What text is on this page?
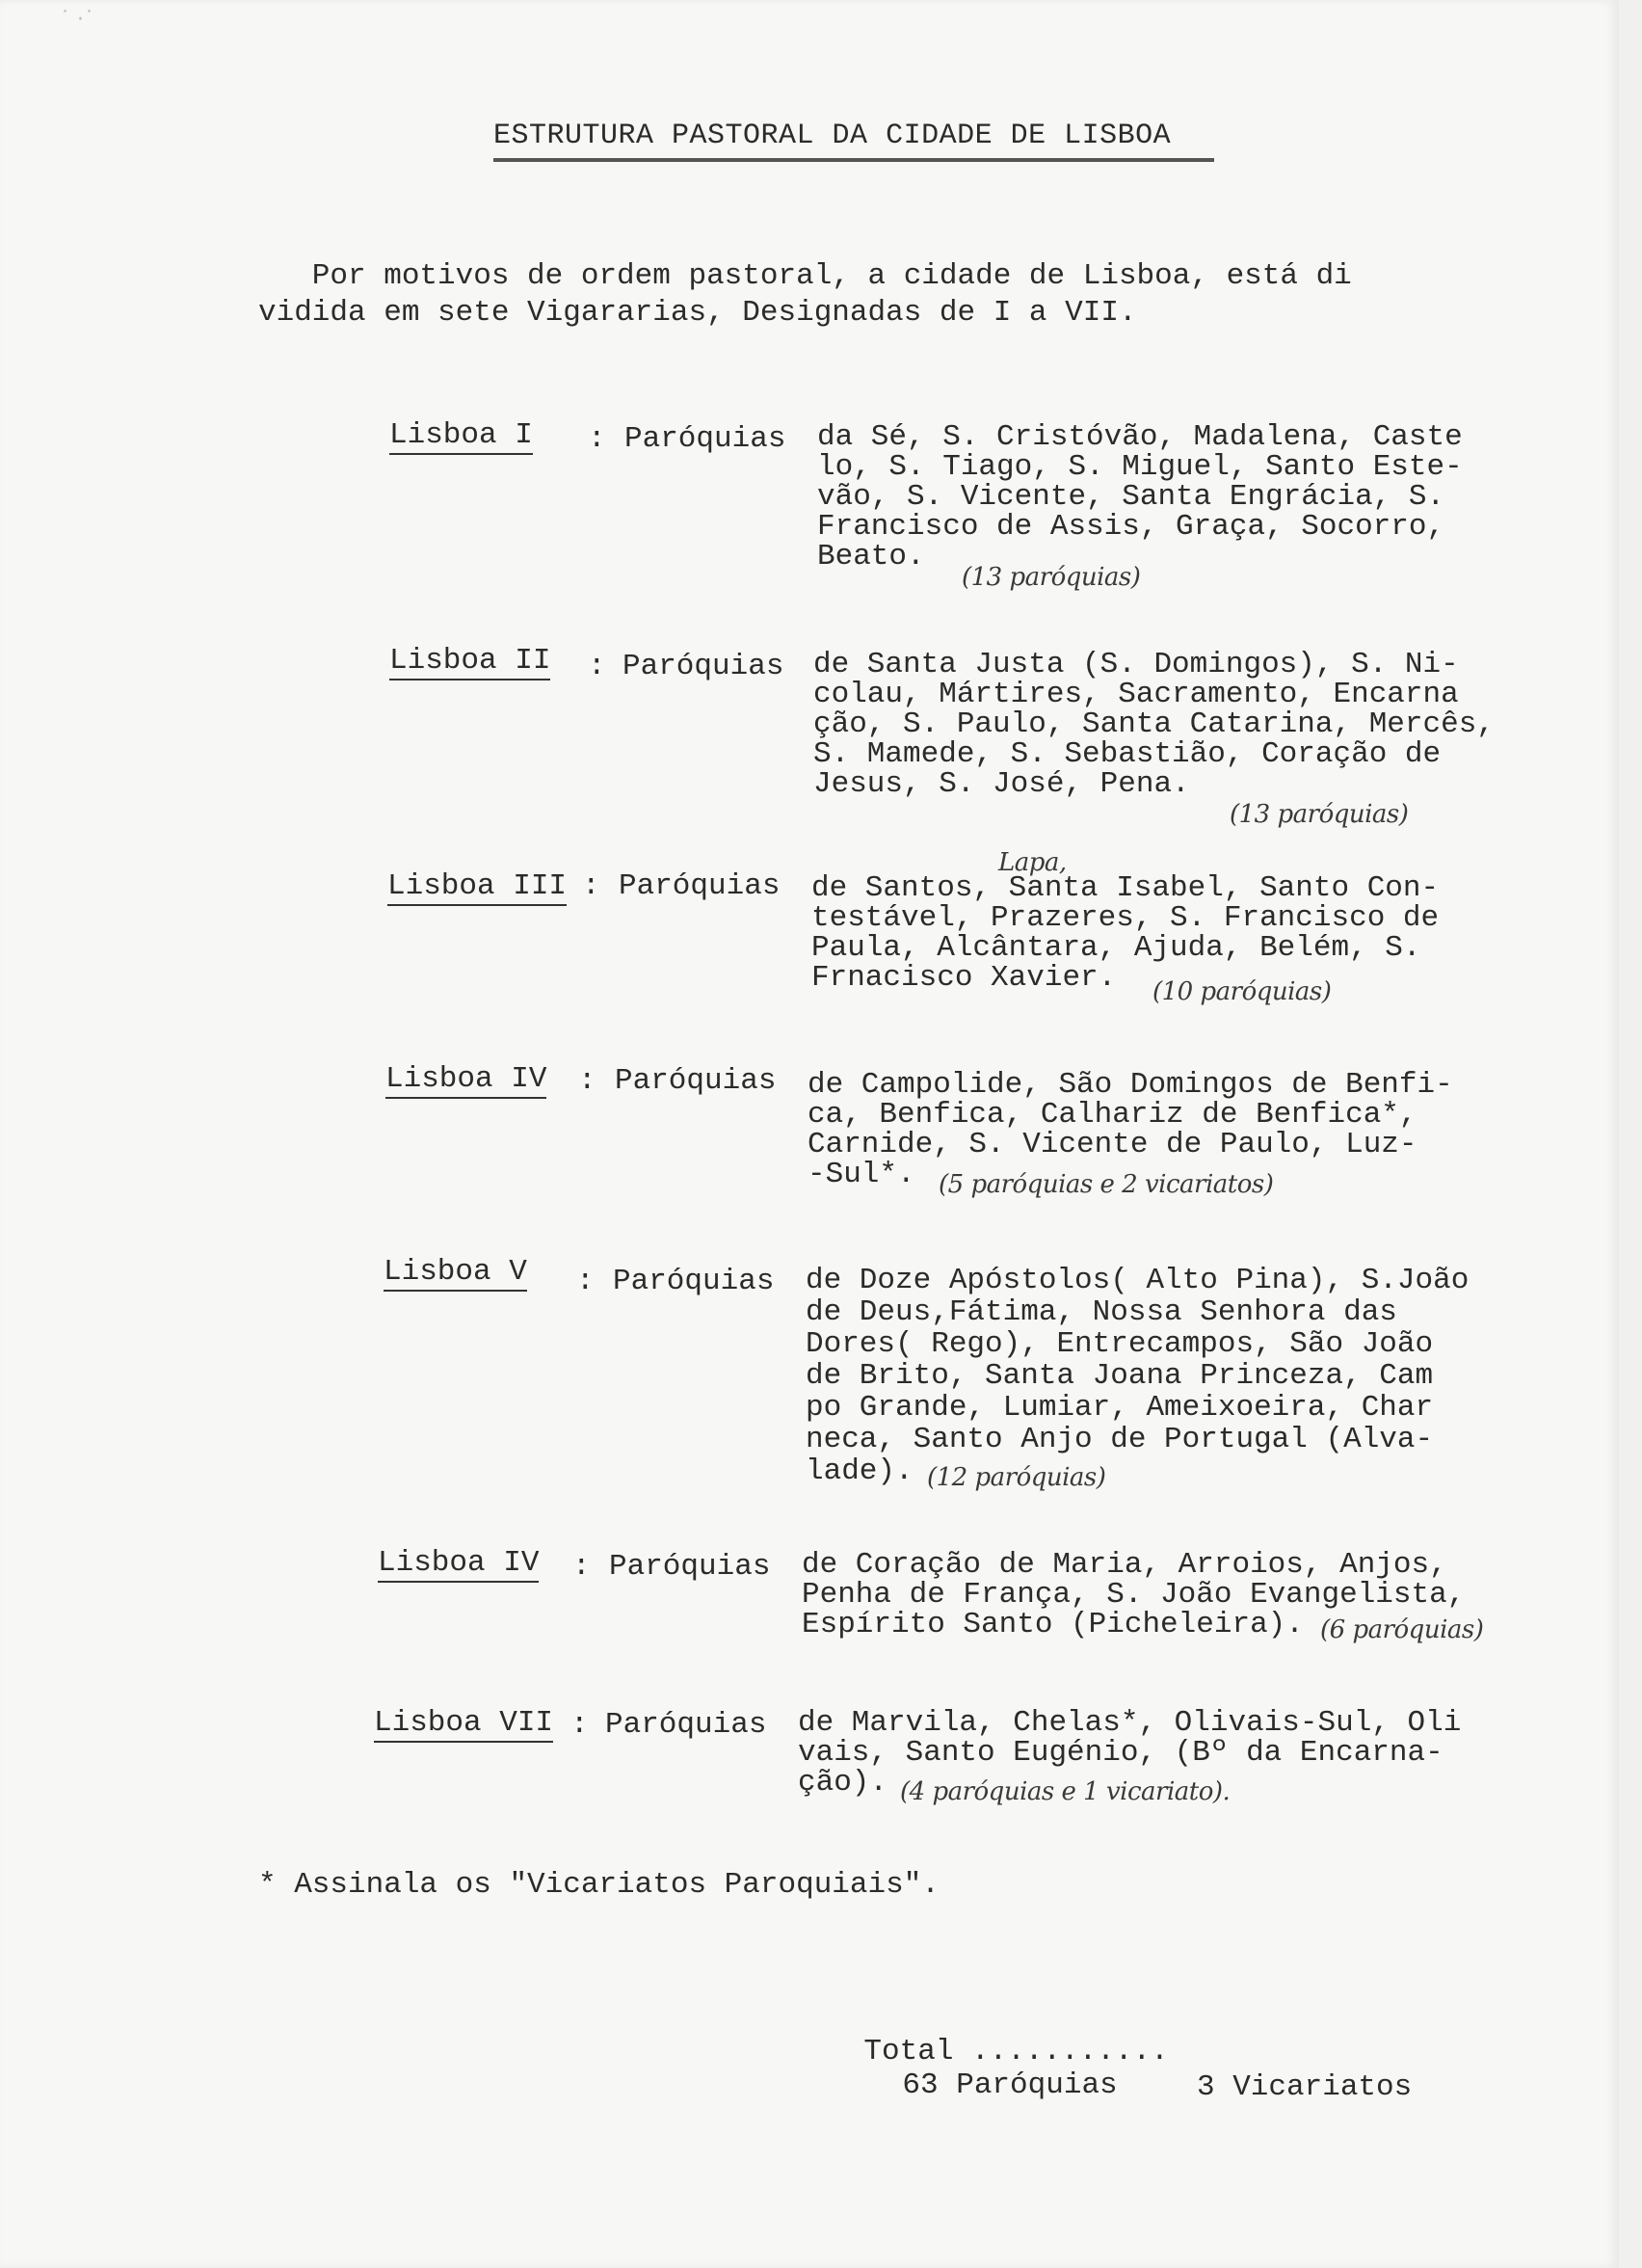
˙ ·˙
ESTRUTURA PASTORAL DA CIDADE DE LISBOA
Por motivos de ordem pastoral, a cidade de Lisboa, está di
vidida em sete Vigararias, Designadas de I a VII.
Lisboa I : Paróquias da Sé, S. Cristóvão, Madalena, Caste
lo, S. Tiago, S. Miguel, Santo Este-
vão, S. Vicente, Santa Engrácia, S.
Francisco de Assis, Graça, Socorro,
Beato.
(13 paróquias)
Lisboa II : Paróquias de Santa Justa (S. Domingos), S. Ni-
colau, Mártires, Sacramento, Encarna
ção, S. Paulo, Santa Catarina, Mercês,
S. Mamede, S. Sebastião, Coração de
Jesus, S. José, Pena.
(13 paróquias)
Lapa,
Lisboa III : Paróquias de Santos, Santa Isabel, Santo Con-
testável, Prazeres, S. Francisco de
Paula, Alcântara, Ajuda, Belém, S.
Frnacisco Xavier.	(10 paróquias)
Lisboa IV : Paróquias de Campolide, São Domingos de Benfi-
ca, Benfica, Calhariz de Benfica*,
Carnide, S. Vicente de Paulo, Luz-
-Sul*. (5 paróquias e 2 vicariatos)
Lisboa V : Paróquias de Doze Apóstolos( Alto Pina), S.João
de Deus,Fátima, Nossa Senhora das
Dores( Rego), Entrecampos, São João
de Brito, Santa Joana Princeza, Cam
po Grande, Lumiar, Ameixoeira, Char
neca, Santo Anjo de Portugal (Alva-
lade). (12 paróquias)
Lisboa IV : Paróquias de Coração de Maria, Arroios, Anjos,
Penha de França, S. João Evangelista,
Espírito Santo (Picheleira). (6 paróquias)
Lisboa VII : Paróquias de Marvila, Chelas*, Olivais-Sul, Oli
vais, Santo Eugénio, (Bº da Encarna-
ção). (4 paróquias e 1 vicariato).
* Assinala os "Vicariatos Paroquiais".

Total ...........
63 Paróquias
	3 Vicariatos
